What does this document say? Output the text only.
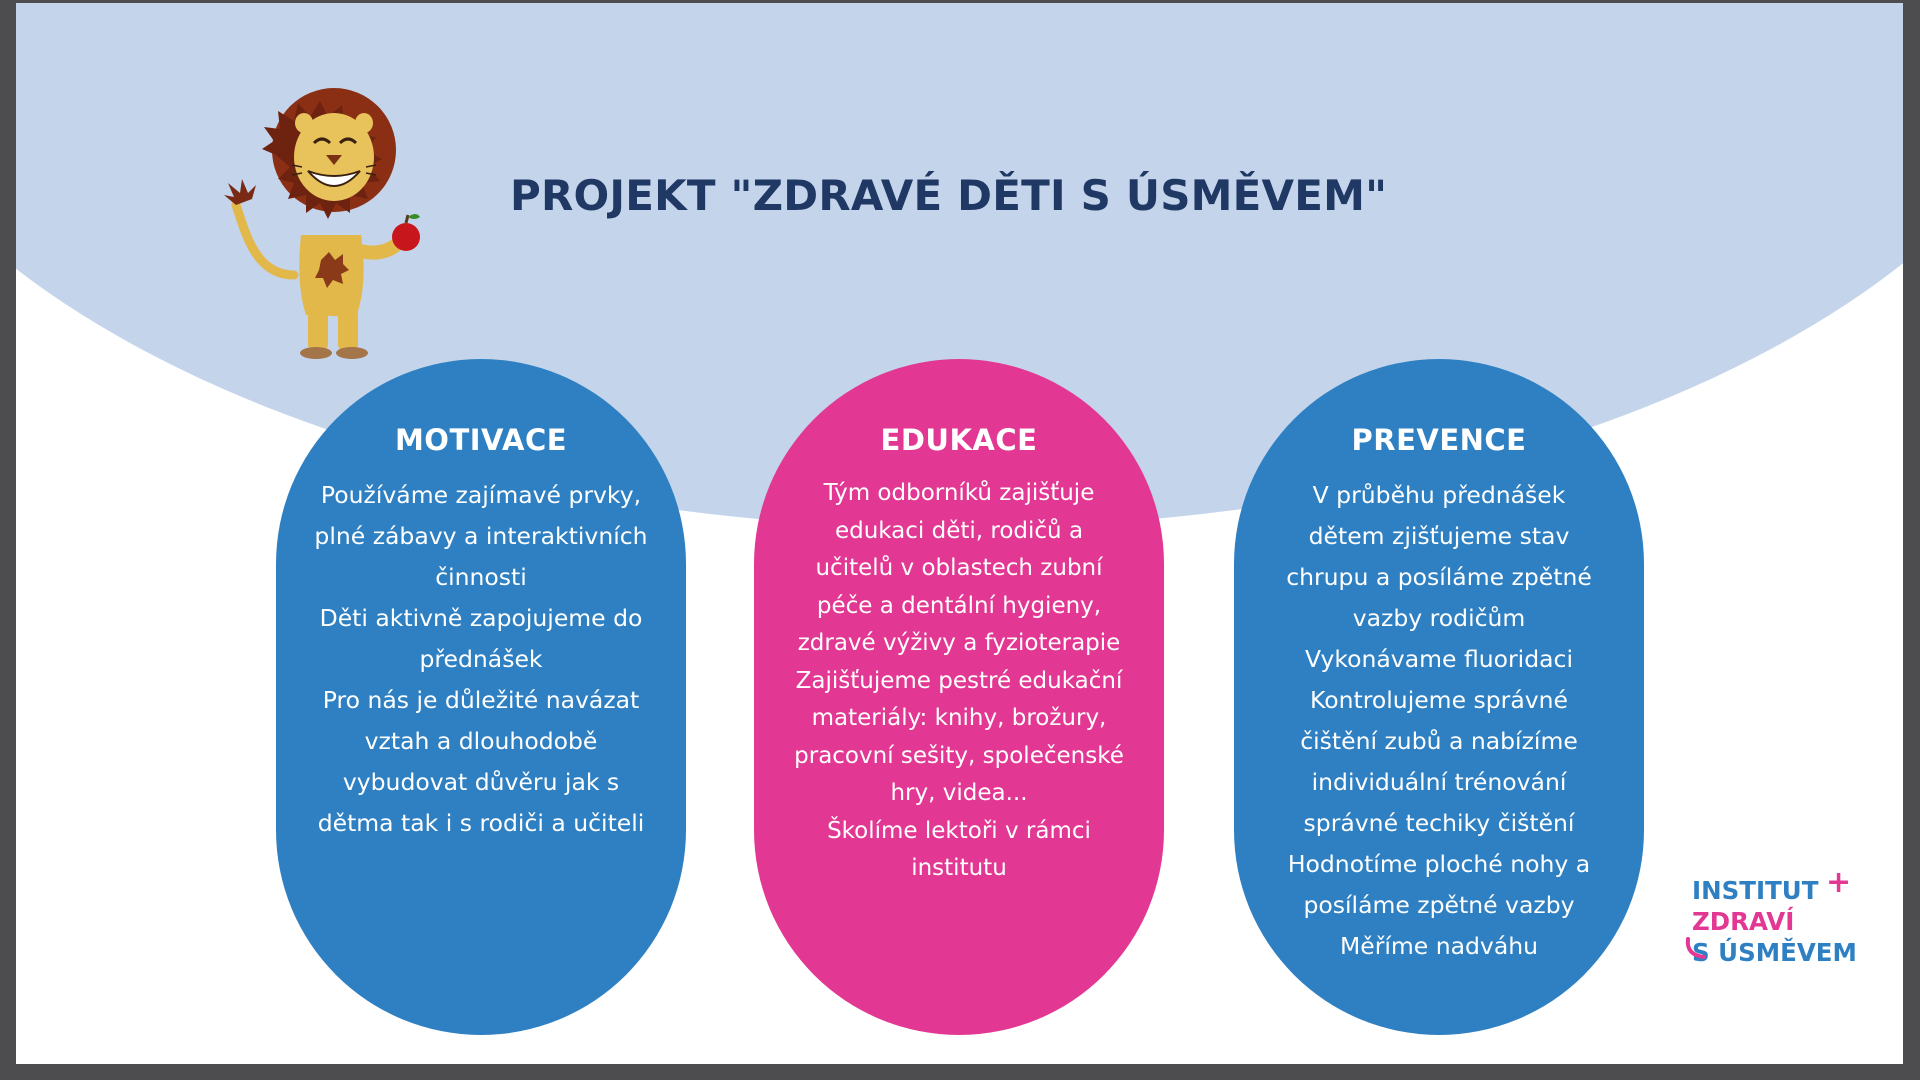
PROJEKT "ZDRAVÉ DĚTI S ÚSMĚVEM"
MOTIVACE

Používáme zajímavé prvky,

plné zábavy a interaktivních

činnosti

Děti aktivně zapojujeme do

přednášek

Pro nás je důležité navázat

vztah a dlouhodobě

vybudovat důvěru jak s

dětma tak i s rodiči a učiteli

EDUKACE

Tým odborníků zajišťuje

edukaci děti, rodičů a

učitelů v oblastech zubní

péče a dentální hygieny,

zdravé výživy a fyzioterapie

Zajišťujeme pestré edukační

materiály: knihy, brožury,

pracovní sešity, společenské

hry, videa...

Školíme lektoři v rámci

institutu

PREVENCE

V průběhu přednášek

dětem zjišťujeme stav

chrupu a posíláme zpětné

vazby rodičům

Vykonávame fluoridaci

Kontrolujeme správné

čištění zubů a nabízíme

individuální trénování

správné techiky čištění

Hodnotíme ploché nohy a

posíláme zpětné vazby

Měříme nadváhu

INSTITUT +
ZDRAVÍ
S ÚSMĚVEM
